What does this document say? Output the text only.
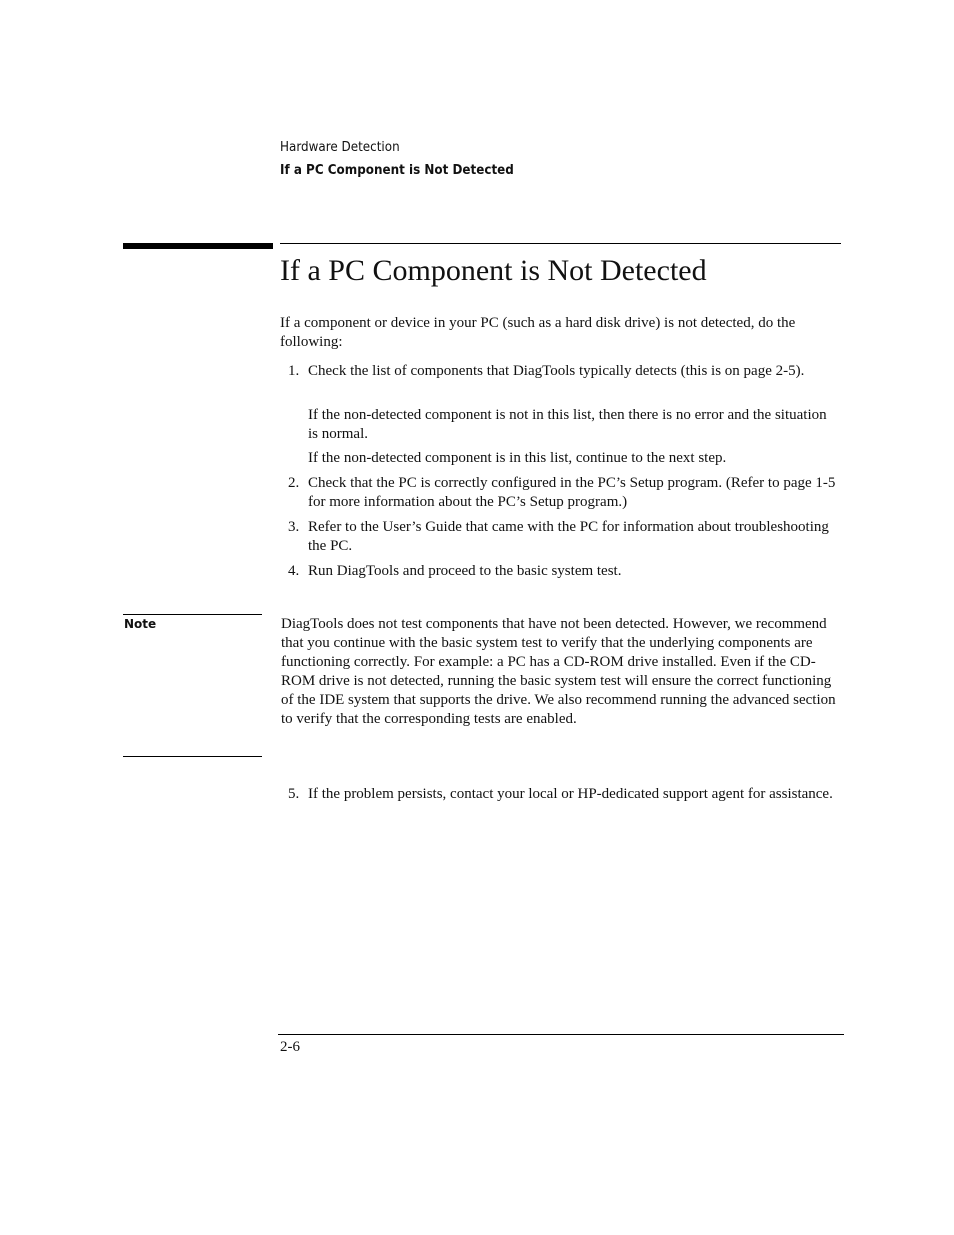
Hardware Detection
If a PC Component is Not Detected
If a PC Component is Not Detected
If a component or device in your PC (such as a hard disk drive) is not detected, do the following:
1. Check the list of components that DiagTools typically detects (this is on page 2-5).
If the non-detected component is not in this list, then there is no error and the situation is normal.
If the non-detected component is in this list, continue to the next step.
2. Check that the PC is correctly configured in the PC’s Setup program. (Refer to page 1-5 for more information about the PC’s Setup program.)
3. Refer to the User’s Guide that came with the PC for information about troubleshooting the PC.
4. Run DiagTools and proceed to the basic system test.
Note	DiagTools does not test components that have not been detected. However, we recommend that you continue with the basic system test to verify that the underlying components are functioning correctly. For example: a PC has a CD-ROM drive installed. Even if the CD-ROM drive is not detected, running the basic system test will ensure the correct functioning of the IDE system that supports the drive. We also recommend running the advanced section to verify that the corresponding tests are enabled.
5. If the problem persists, contact your local or HP-dedicated support agent for assistance.
2-6
